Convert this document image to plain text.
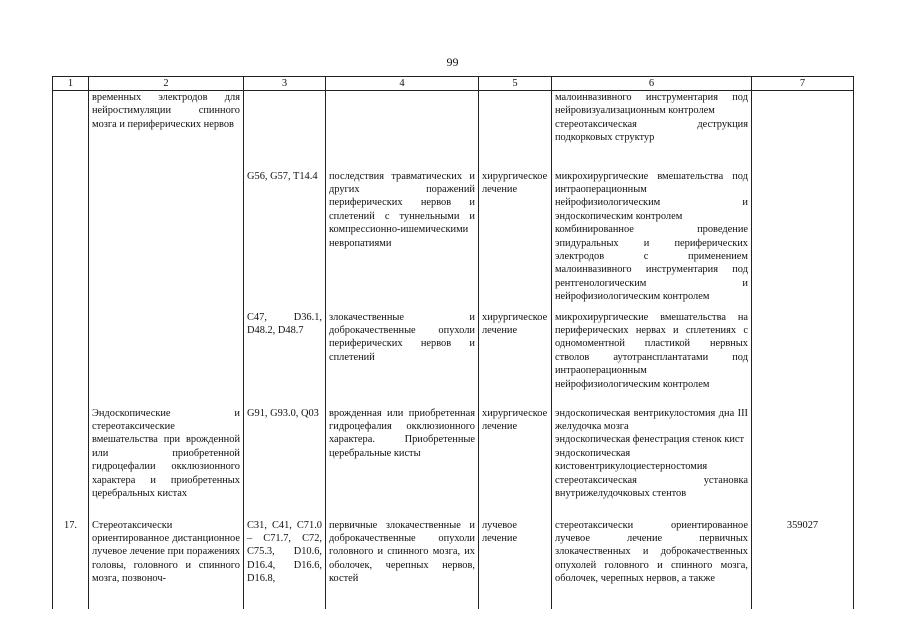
99
1	2	3	4	5	6	7

	временных электродов для нейростимуляции спинного мозга и периферических нервов				малоинвазивного инструментария под нейровизуализационным контролем
стереотаксическая деструкция подкорковых структур	

		G56, G57, T14.4	последствия травматических и других поражений периферических нервов и сплетений с туннельными и компрессионно-ишемическими невропатиями	хирургическое лечение	микрохирургические вмешательства под интраоперационным нейрофизиологическим и эндоскопическим контролем
комбинированное проведение эпидуральных и периферических электродов с применением малоинвазивного инструментария под рентгенологическим и нейрофизиологическим контролем	

		C47, D36.1, D48.2, D48.7	злокачественные и доброкачественные опухоли периферических нервов и сплетений	хирургическое лечение	микрохирургические вмешательства на периферических нервах и сплетениях с одномоментной пластикой нервных стволов аутотрансплантатами под интраоперационным нейрофизиологическим контролем	

	Эндоскопические и стереотаксические вмешательства при врожденной или приобретенной гидроцефалии окклюзионного характера и приобретенных церебральных кистах	G91, G93.0, Q03	врожденная или приобретенная гидроцефалия окклюзионного характера. Приобретенные церебральные кисты	хирургическое лечение	эндоскопическая вентрикулостомия дна III желудочка мозга
эндоскопическая фенестрация стенок кист
эндоскопическая кистовентрикулоциестерностомия
стереотаксическая установка внутрижелудочковых стентов	

17.	Стереотаксически ориентированное дистанционное лучевое лечение при поражениях головы, головного и спинного мозга, позвоноч-	C31, C41, C71.0 – C71.7, C72, C75.3, D10.6, D16.4, D16.6, D16.8,	первичные злокачественные и доброкачественные опухоли головного и спинного мозга, их оболочек, черепных нервов, костей	лучевое лечение	стереотаксически ориентированное лучевое лечение первичных злокачественных и доброкачественных опухолей головного и спинного мозга, оболочек, черепных нервов, а также	359027
